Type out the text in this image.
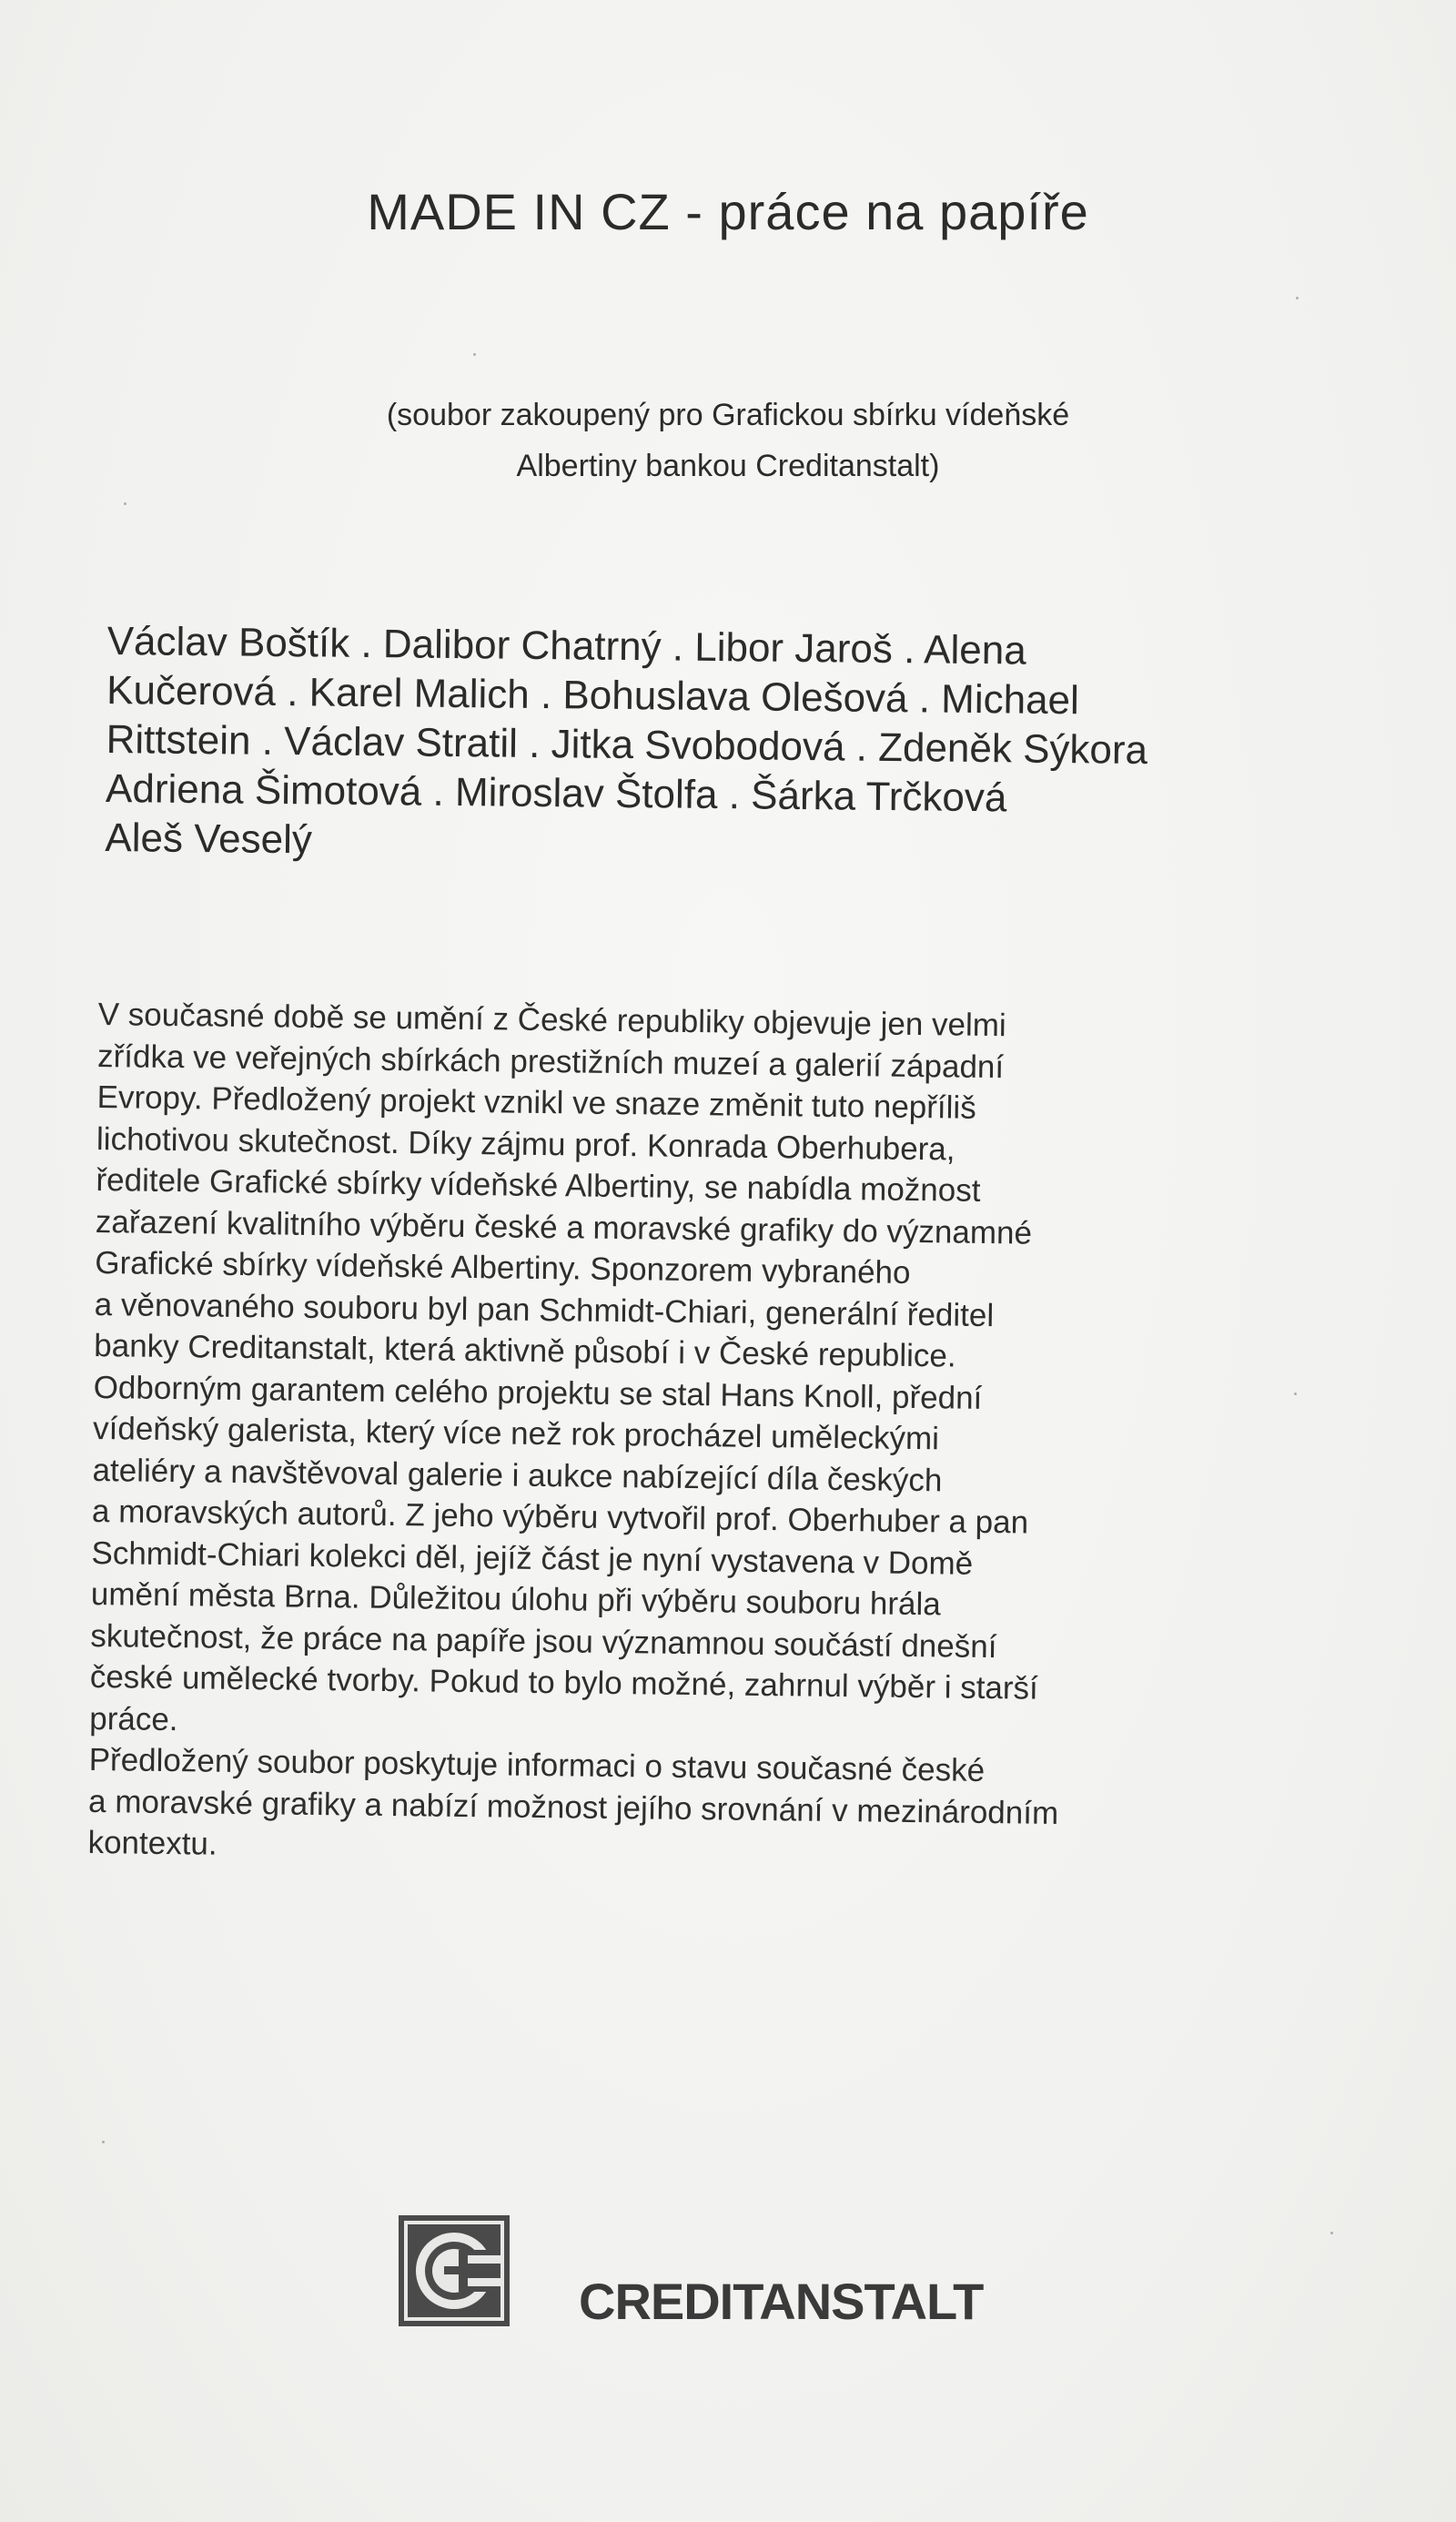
MADE IN CZ - práce na papíře
(soubor zakoupený pro Grafickou sbírku vídeňské
Albertiny bankou Creditanstalt)
Václav Boštík . Dalibor Chatrný . Libor Jaroš . Alena
Kučerová . Karel Malich . Bohuslava Olešová . Michael
Rittstein . Václav Stratil . Jitka Svobodová . Zdeněk Sýkora
Adriena Šimotová . Miroslav Štolfa . Šárka Trčková
Aleš Veselý
V současné době se umění z České republiky objevuje jen velmi
zřídka ve veřejných sbírkách prestižních muzeí a galerií západní
Evropy. Předložený projekt vznikl ve snaze změnit tuto nepříliš
lichotivou skutečnost. Díky zájmu prof. Konrada Oberhubera,
ředitele Grafické sbírky vídeňské Albertiny, se nabídla možnost
zařazení kvalitního výběru české a moravské grafiky do významné
Grafické sbírky vídeňské Albertiny. Sponzorem vybraného
a věnovaného souboru byl pan Schmidt-Chiari, generální ředitel
banky Creditanstalt, která aktivně působí i v České republice.
Odborným garantem celého projektu se stal Hans Knoll, přední
vídeňský galerista, který více než rok procházel uměleckými
ateliéry a navštěvoval galerie i aukce nabízející díla českých
a moravských autorů. Z jeho výběru vytvořil prof. Oberhuber a pan
Schmidt-Chiari kolekci děl, jejíž část je nyní vystavena v Domě
umění města Brna. Důležitou úlohu při výběru souboru hrála
skutečnost, že práce na papíře jsou významnou součástí dnešní
české umělecké tvorby. Pokud to bylo možné, zahrnul výběr i starší
práce.
Předložený soubor poskytuje informaci o stavu současné české
a moravské grafiky a nabízí možnost jejího srovnání v mezinárodním
kontextu.
CREDITANSTALT
